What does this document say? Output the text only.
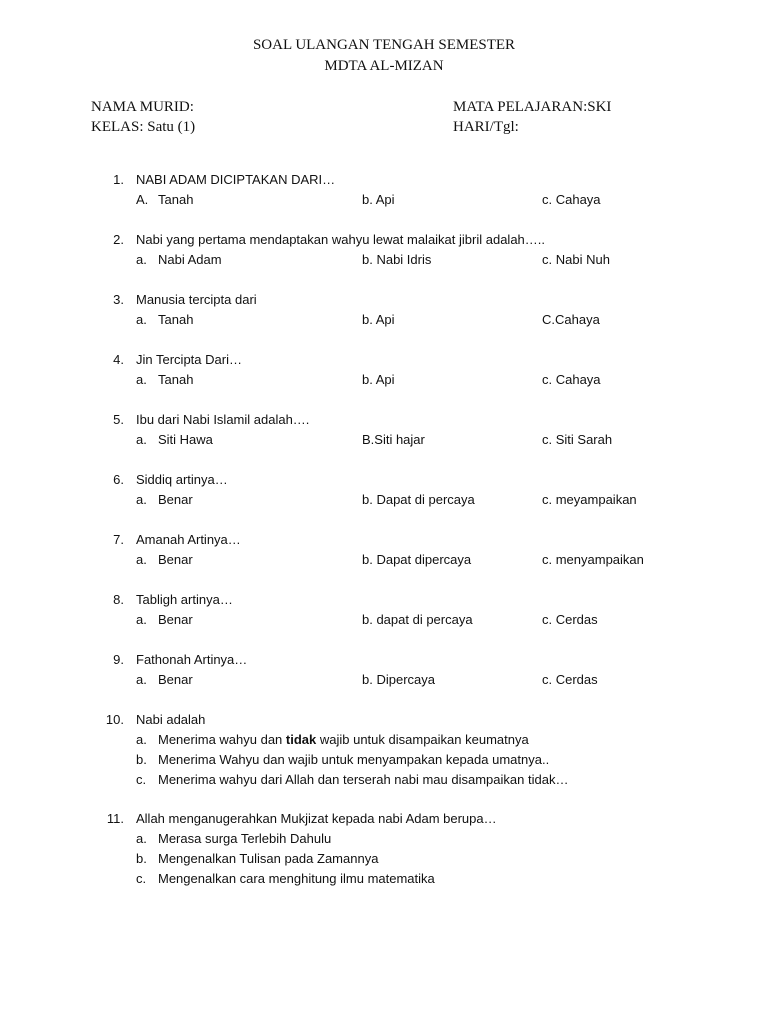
SOAL ULANGAN TENGAH SEMESTER
MDTA AL-MIZAN
NAMA MURID:
KELAS: Satu (1)
MATA PELAJARAN:SKI
HARI/Tgl:
1. NABI ADAM DICIPTAKAN DARI…
A. Tanah	b. Api	c. Cahaya
2. Nabi yang pertama mendaptakan wahyu lewat malaikat jibril adalah…..
a. Nabi Adam	b. Nabi Idris	c. Nabi Nuh
3. Manusia tercipta dari
a. Tanah	b. Api	C.Cahaya
4. Jin Tercipta Dari…
a. Tanah	b. Api	c. Cahaya
5. Ibu dari Nabi Islamil adalah….
a. Siti Hawa	B.Siti hajar	c. Siti Sarah
6. Siddiq artinya…
a. Benar	b. Dapat di percaya	c. meyampaikan
7. Amanah Artinya…
a. Benar	b. Dapat dipercaya	c. menyampaikan
8. Tabligh artinya…
a. Benar	b. dapat di percaya	c. Cerdas
9. Fathonah Artinya…
a. Benar	b. Dipercaya	c. Cerdas
10. Nabi adalah
a. Menerima wahyu dan tidak wajib untuk disampaikan keumatnya
b. Menerima Wahyu dan wajib untuk menyampakan kepada umatnya..
c. Menerima wahyu dari Allah dan terserah nabi mau disampaikan tidak…
11. Allah menganugerahkan Mukjizat kepada nabi Adam berupa…
a. Merasa surga Terlebih Dahulu
b. Mengenalkan Tulisan pada Zamannya
c. Mengenalkan cara menghitung ilmu matematika
